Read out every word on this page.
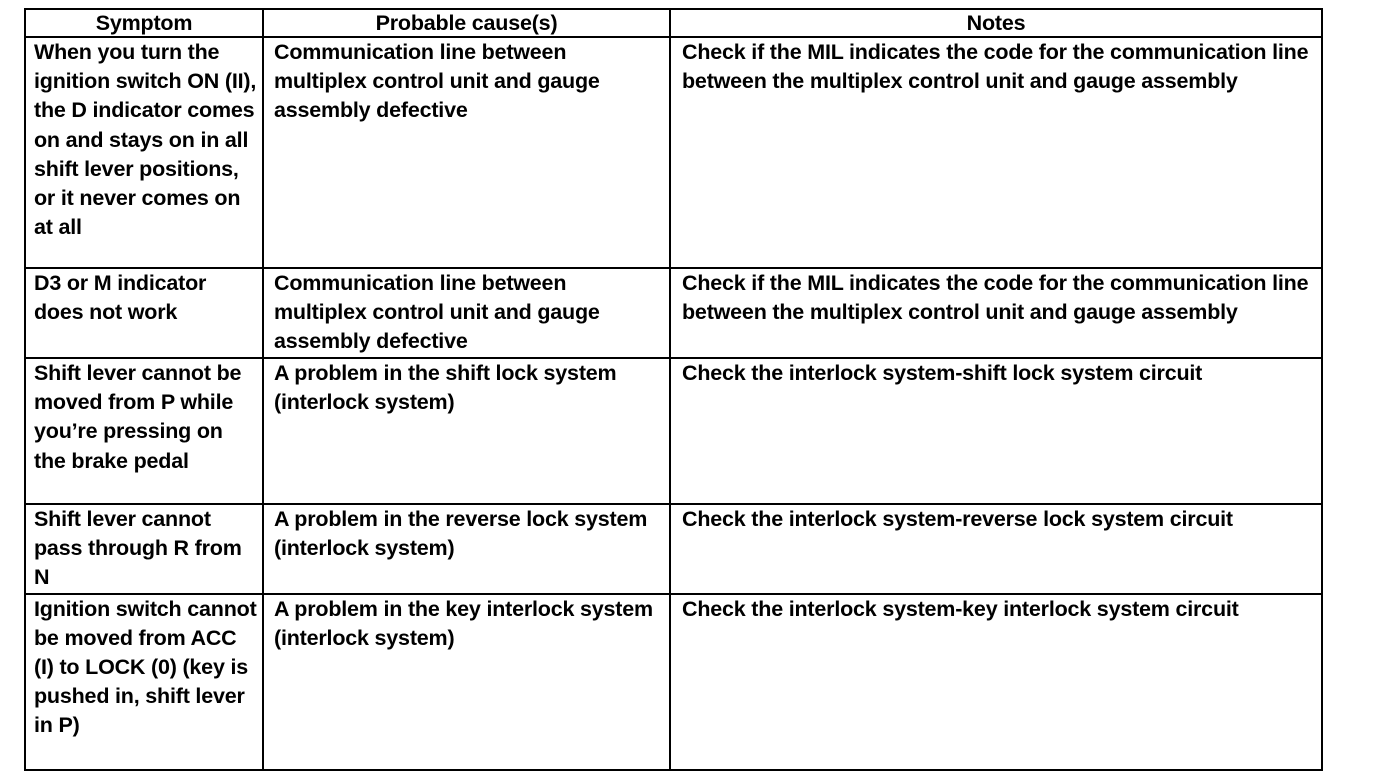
Symptom	Probable cause(s)	Notes
When you turn the ignition switch ON (II), the D indicator comes on and stays on in all shift lever positions, or it never comes on at all	Communication line between multiplex control unit and gauge assembly defective	Check if the MIL indicates the code for the communication line between the multiplex control unit and gauge assembly
D3 or M indicator does not work	Communication line between multiplex control unit and gauge assembly defective	Check if the MIL indicates the code for the communication line between the multiplex control unit and gauge assembly
Shift lever cannot be moved from P while you’re pressing on the brake pedal	A problem in the shift lock system (interlock system)	Check the interlock system-shift lock system circuit
Shift lever cannot pass through R from N	A problem in the reverse lock system (interlock system)	Check the interlock system-reverse lock system circuit
Ignition switch cannot be moved from ACC (I) to LOCK (0) (key is pushed in, shift lever in P)	A problem in the key interlock system (interlock system)	Check the interlock system-key interlock system circuit
